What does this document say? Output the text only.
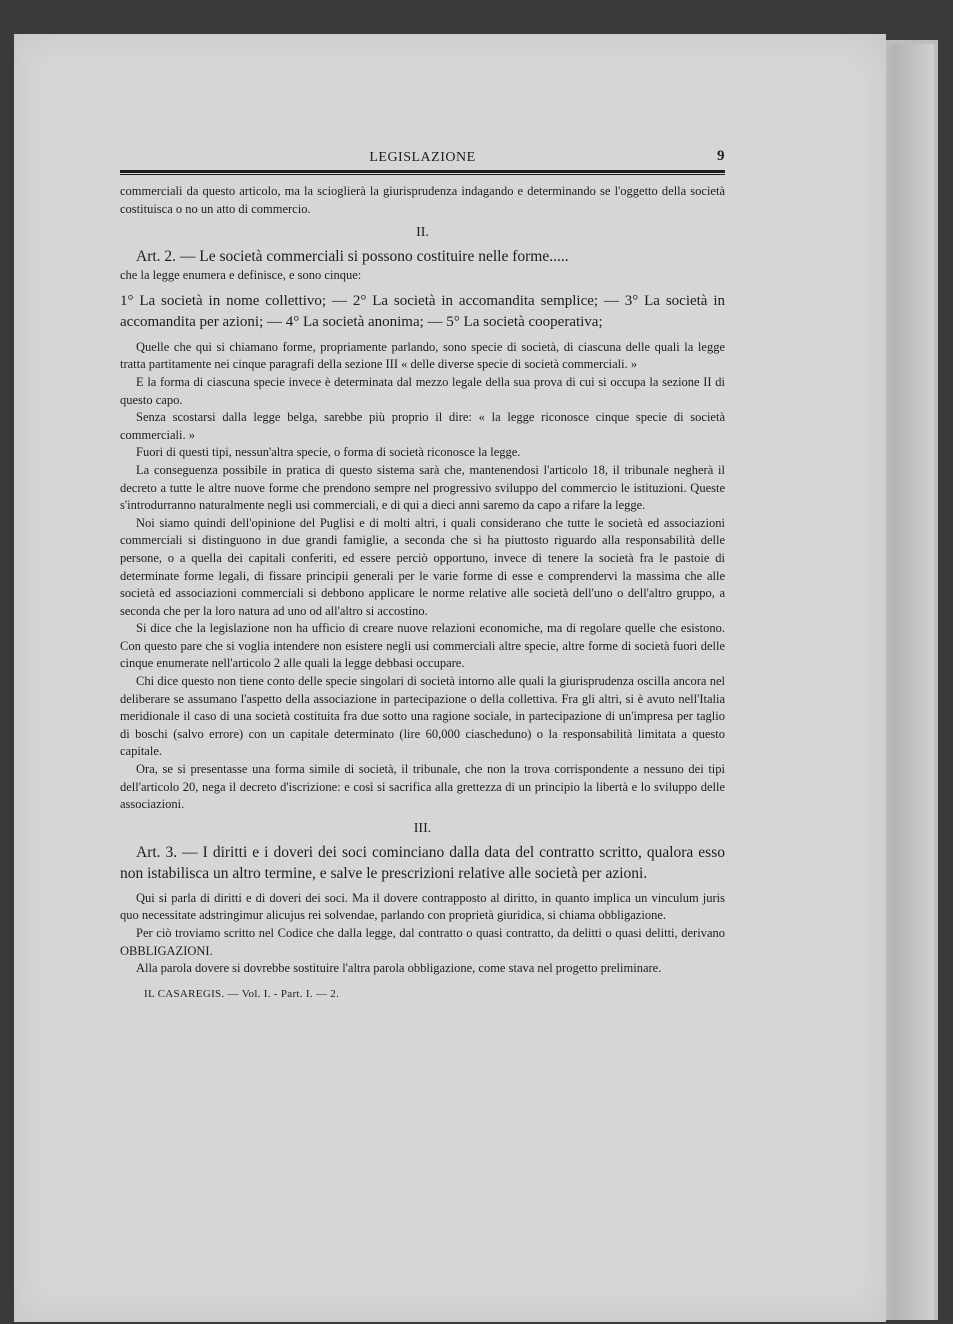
LEGISLAZIONE	9

commerciali da questo articolo, ma la scioglierà la giurisprudenza indagando e determinando se l'oggetto della società costituisca o no un atto di commercio.

II.

Art. 2. — Le società commerciali si possono costituire nelle forme.....

che la legge enumera e definisce, e sono cinque:

1° La società in nome collettivo; — 2° La società in accomandita semplice; — 3° La società in accomandita per azioni; — 4° La società anonima; — 5° La società cooperativa;

Quelle che qui si chiamano forme, propriamente parlando, sono specie di società, di ciascuna delle quali la legge tratta partitamente nei cinque paragrafi della sezione III « delle diverse specie di società commerciali. »

E la forma di ciascuna specie invece è determinata dal mezzo legale della sua prova di cui si occupa la sezione II di questo capo.

Senza scostarsi dalla legge belga, sarebbe più proprio il dire: « la legge riconosce cinque specie di società commerciali. »

Fuori di questi tipi, nessun'altra specie, o forma di società riconosce la legge.

La conseguenza possibile in pratica di questo sistema sarà che, mantenendosi l'articolo 18, il tribunale negherà il decreto a tutte le altre nuove forme che prendono sempre nel progressivo sviluppo del commercio le istituzioni. Queste s'introdurranno naturalmente negli usi commerciali, e di qui a dieci anni saremo da capo a rifare la legge.

Noi siamo quindi dell'opinione del Puglisi e di molti altri, i quali considerano che tutte le società ed associazioni commerciali si distinguono in due grandi famiglie, a seconda che si ha piuttosto riguardo alla responsabilità delle persone, o a quella dei capitali conferiti, ed essere perciò opportuno, invece di tenere la società fra le pastoie di determinate forme legali, di fissare principii generali per le varie forme di esse e comprendervi la massima che alle società ed associazioni commerciali si debbono applicare le norme relative alle società dell'uno o dell'altro gruppo, a seconda che per la loro natura ad uno od all'altro si accostino.

Si dice che la legislazione non ha ufficio di creare nuove relazioni economiche, ma di regolare quelle che esistono. Con questo pare che si voglia intendere non esistere negli usi commerciali altre specie, altre forme di società fuori delle cinque enumerate nell'articolo 2 alle quali la legge debbasi occupare.

Chi dice questo non tiene conto delle specie singolari di società intorno alle quali la giurisprudenza oscilla ancora nel deliberare se assumano l'aspetto della associazione in partecipazione o della collettiva. Fra gli altri, si è avuto nell'Italia meridionale il caso di una società costituita fra due sotto una ragione sociale, in partecipazione di un'impresa per taglio di boschi (salvo errore) con un capitale determinato (lire 60,000 ciascheduno) o la responsabilità limitata a questo capitale.

Ora, se si presentasse una forma simile di società, il tribunale, che non la trova corrispondente a nessuno dei tipi dell'articolo 20, nega il decreto d'iscrizione: e così si sacrifica alla grettezza di un principio la libertà e lo sviluppo delle associazioni.

III.

Art. 3. — I diritti e i doveri dei soci cominciano dalla data del contratto scritto, qualora esso non istabilisca un altro termine, e salve le prescrizioni relative alle società per azioni.

Qui si parla di diritti e di doveri dei soci. Ma il dovere contrapposto al diritto, in quanto implica un vinculum juris quo necessitate adstringimur alicujus rei solvendae, parlando con proprietà giuridica, si chiama obbligazione.

Per ciò troviamo scritto nel Codice che dalla legge, dal contratto o quasi contratto, da delitti o quasi delitti, derivano OBBLIGAZIONI.

Alla parola dovere si dovrebbe sostituire l'altra parola obbligazione, come stava nel progetto preliminare.

IL CASAREGIS. — Vol. I. - Part. I. — 2.
